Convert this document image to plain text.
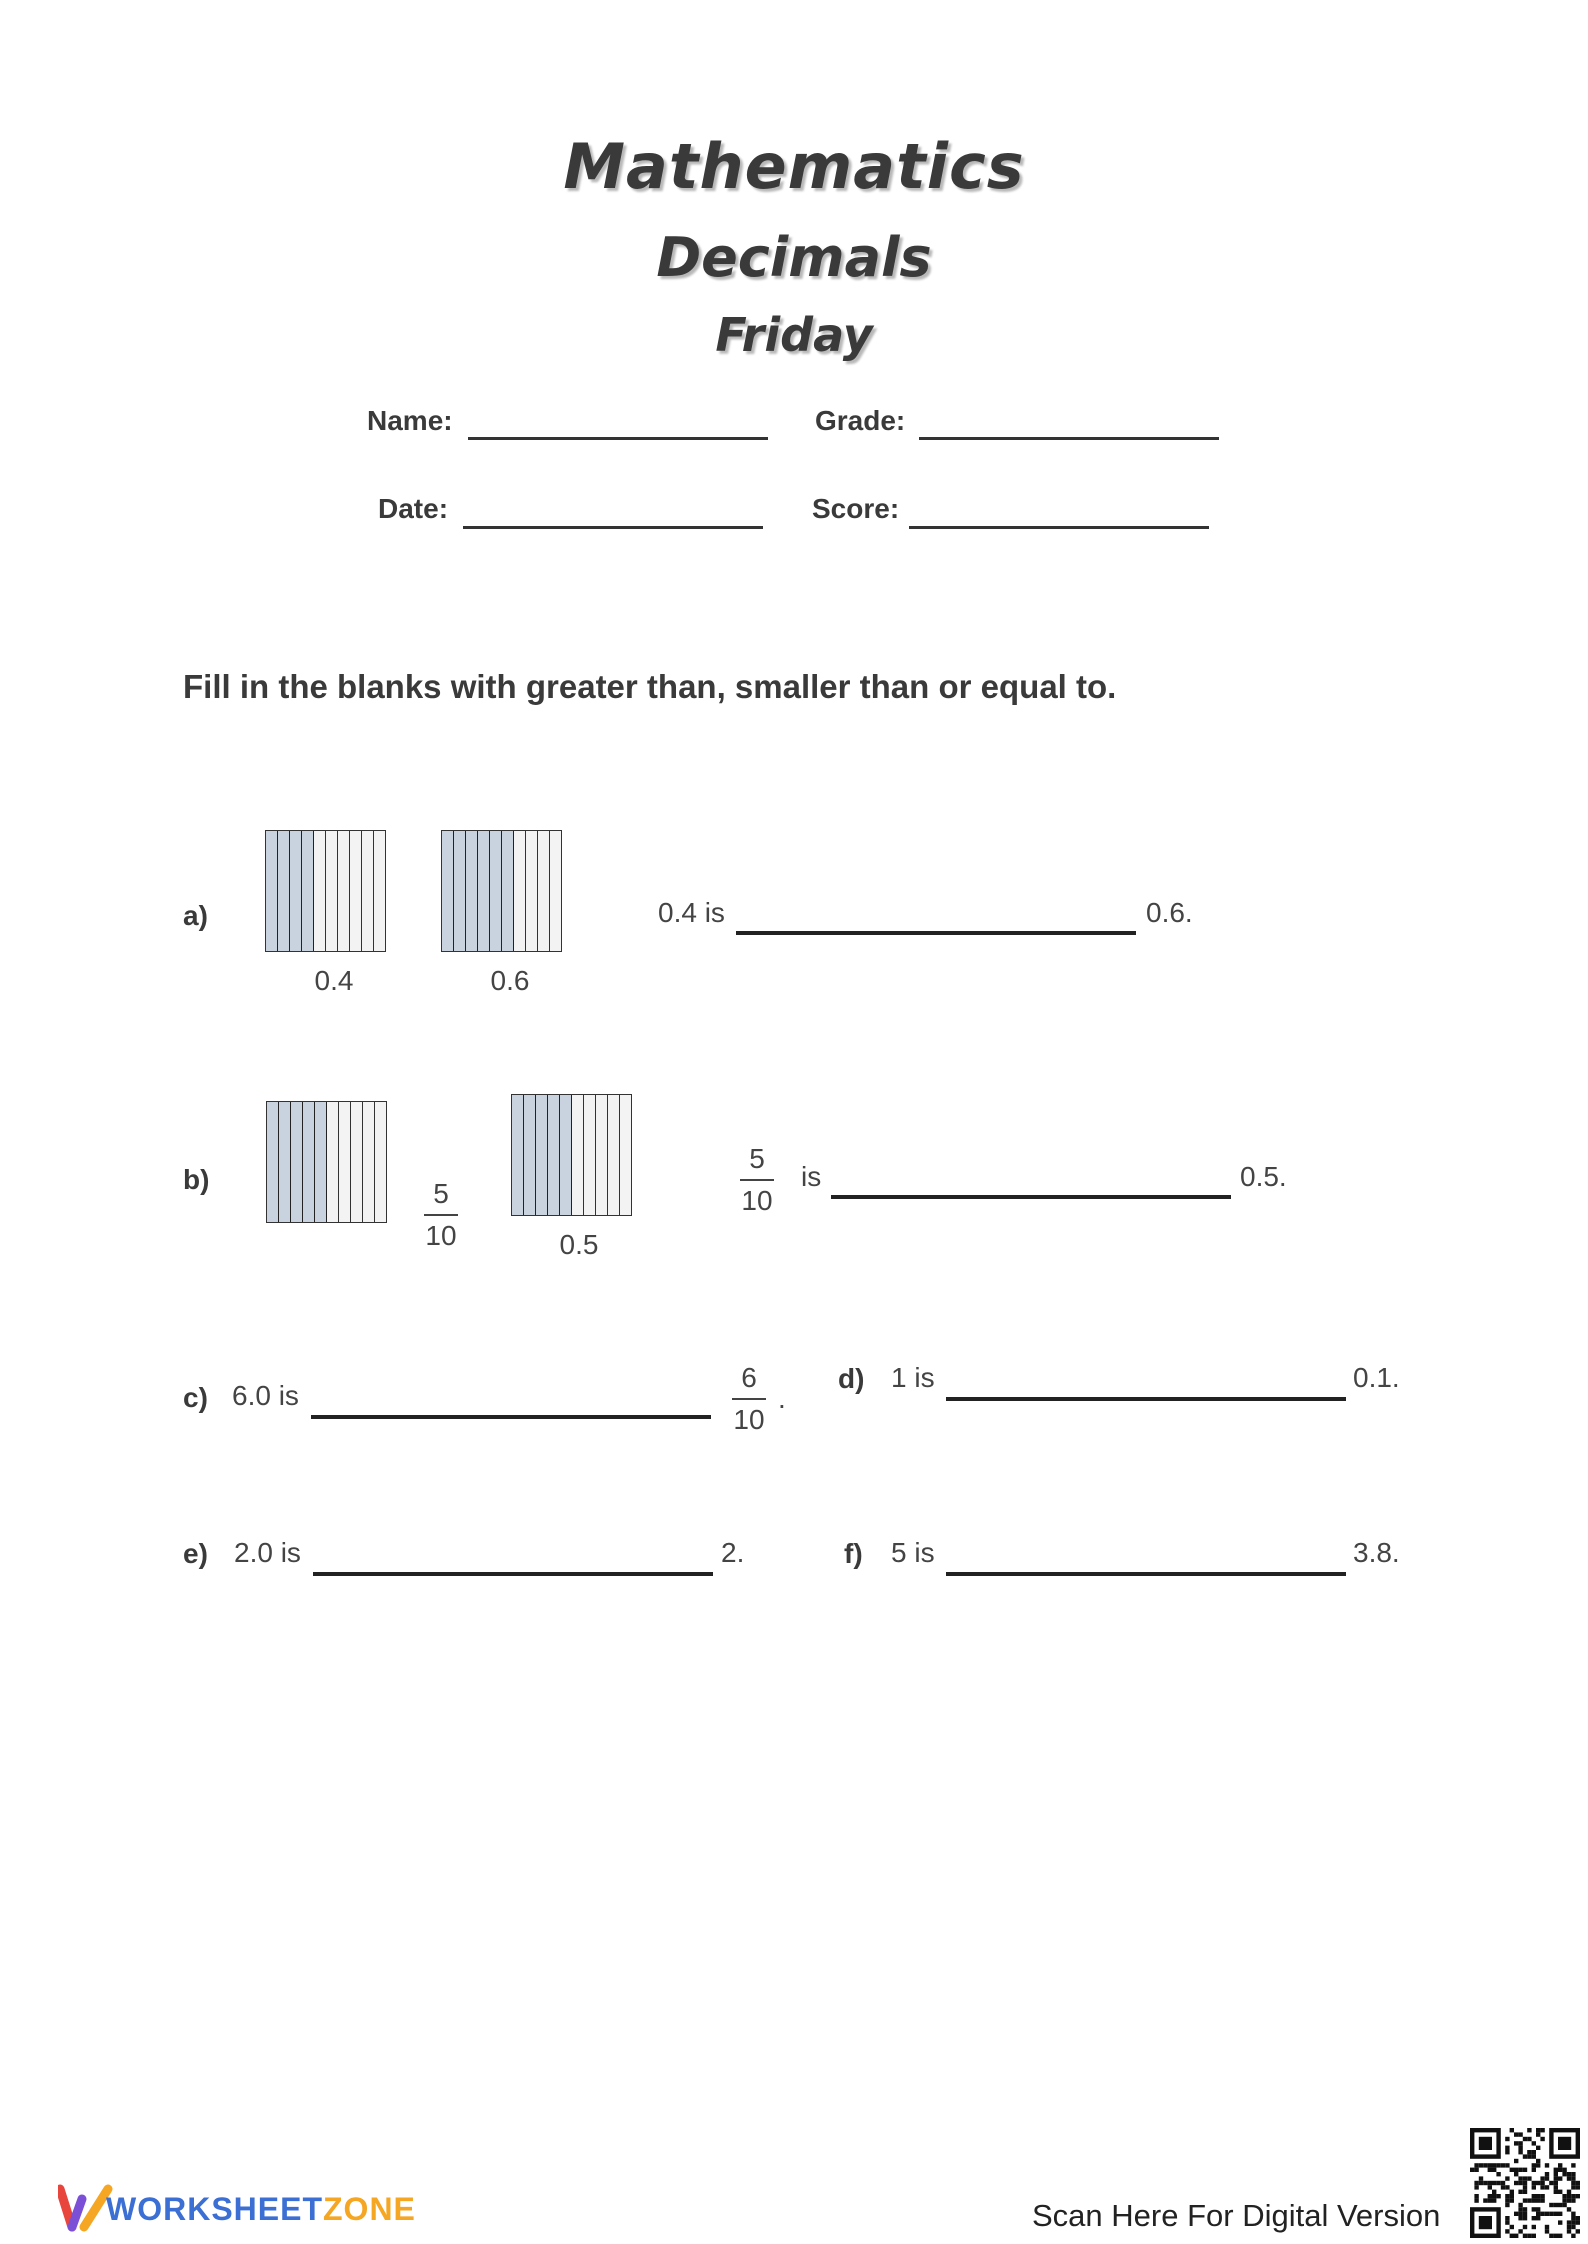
Mathematics
Decimals
Friday
Name:	Grade:
Date:	Score:
Fill in the blanks with greater than, smaller than or equal to.
a)
0.4	0.6
0.4 is	0.6.
b)	5
10	0.5
5
10
is	0.5.
c) 6.0 is
6
10
.
d) 1 is	0.1.
e) 2.0 is	2.	f) 5 is	3.8.
WORKSHEETZONE	Scan Here For Digital Version
